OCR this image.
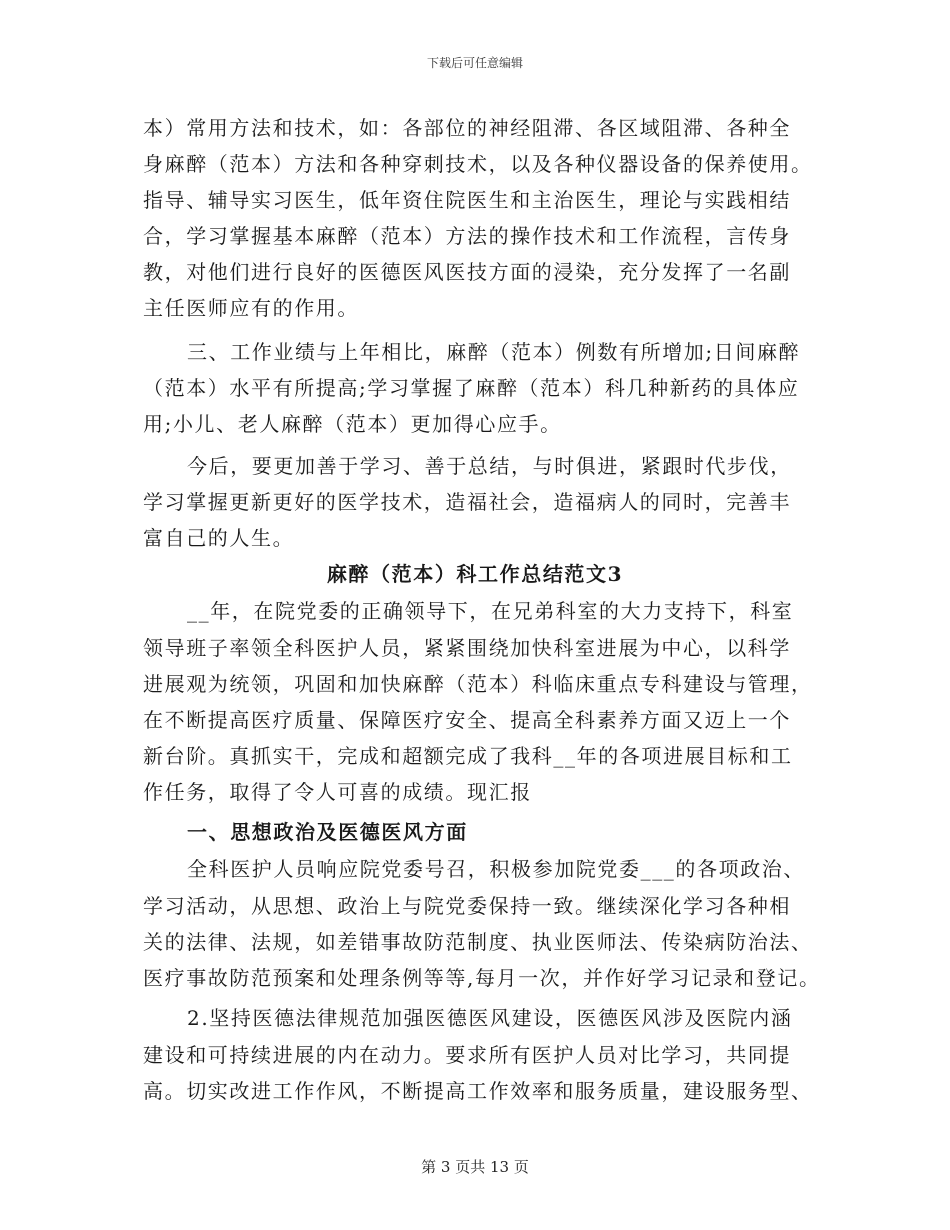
下载后可任意编辑
本）常用方法和技术，如：各部位的神经阻滞、各区域阻滞、各种全
身麻醉（范本）方法和各种穿刺技术，以及各种仪器设备的保养使用。
指导、辅导实习医生，低年资住院医生和主治医生，理论与实践相结
合，学习掌握基本麻醉（范本）方法的操作技术和工作流程，言传身
教，对他们进行良好的医德医风医技方面的浸染，充分发挥了一名副
主任医师应有的作用。
三、工作业绩与上年相比，麻醉（范本）例数有所增加;日间麻醉
（范本）水平有所提高;学习掌握了麻醉（范本）科几种新药的具体应
用;小儿、老人麻醉（范本）更加得心应手。
今后，要更加善于学习、善于总结，与时俱进，紧跟时代步伐，
学习掌握更新更好的医学技术，造福社会，造福病人的同时，完善丰
富自己的人生。
麻醉（范本）科工作总结范文3
__年，在院党委的正确领导下，在兄弟科室的大力支持下，科室
领导班子率领全科医护人员，紧紧围绕加快科室进展为中心，以科学
进展观为统领，巩固和加快麻醉（范本）科临床重点专科建设与管理，
在不断提高医疗质量、保障医疗安全、提高全科素养方面又迈上一个
新台阶。真抓实干，完成和超额完成了我科__年的各项进展目标和工
作任务，取得了令人可喜的成绩。现汇报
一、思想政治及医德医风方面
全科医护人员响应院党委号召，积极参加院党委___的各项政治、
学习活动，从思想、政治上与院党委保持一致。继续深化学习各种相
关的法律、法规，如差错事故防范制度、执业医师法、传染病防治法、
医疗事故防范预案和处理条例等等,每月一次，并作好学习记录和登记。
2.坚持医德法律规范加强医德医风建设，医德医风涉及医院内涵
建设和可持续进展的内在动力。要求所有医护人员对比学习，共同提
高。切实改进工作作风，不断提高工作效率和服务质量，建设服务型、
第 3 页共 13 页
